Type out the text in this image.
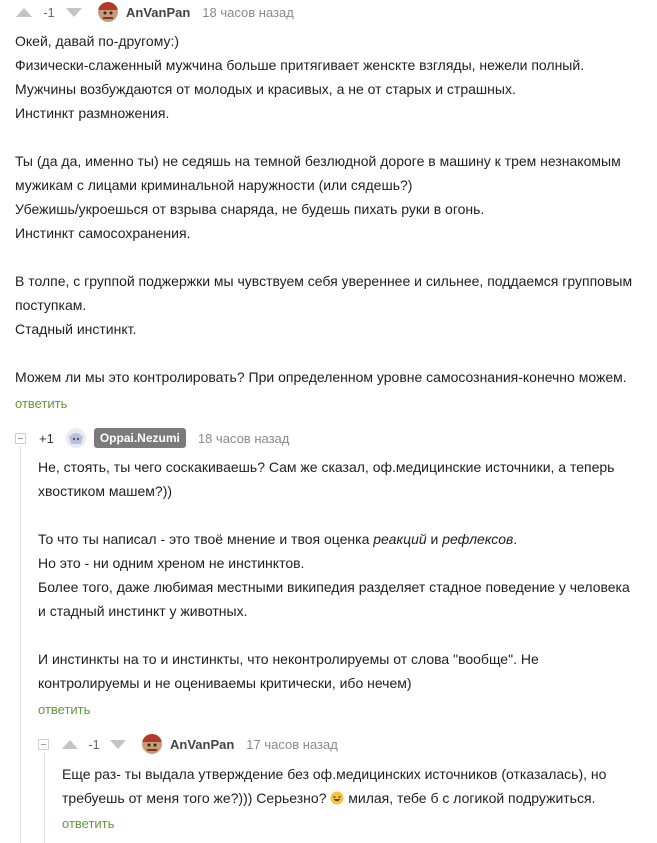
-1	AnVanPan 18 часов назад

Окей, давай по-другому:)

Физически-слаженный мужчина больше притягивает женскте взгляды, нежели полный.

Мужчины возбуждаются от молодых и красивых, а не от старых и страшных.

Инстинкт размножения.

Ты (да да, именно ты) не седяшь на темной безлюдной дороге в машину к трем незнакомым

мужикам с лицами криминальной наружности (или сядешь?)

Убежишь/укроешься от взрыва снаряда, не будешь пихать руки в огонь.

Инстинкт самосохранения.

В толпе, с группой поджержки мы чувствуем себя увереннее и сильнее, поддаемся групповым

поступкам.

Стадный инстинкт.

Можем ли мы это контролировать? При определенном уровне самосознания-конечно можем.

ответить
+1	Oppai.Nezumi	18 часов назад

Не, стоять, ты чего соскакиваешь? Сам же сказал, оф.медицинские источники, а теперь

хвостиком машем?))

То что ты написал - это твоё мнение и твоя оценка реакций и рефлексов.

Но это - ни одним хреном не инстинктов.

Более того, даже любимая местными википедия разделяет стадное поведение у человека

и стадный инстинкт у животных.

И инстинкты на то и инстинкты, что неконтролируемы от слова "вообще". Не

контролируемы и не оцениваемы критически, ибо нечем)

ответить
-1	AnVanPan 17 часов назад

Еще раз- ты выдала утверждение без оф.медицинских источников (отказалась), но

требуешь от меня того же?))) Серьезно?  милая, тебе б с логикой подружиться.

ответить
